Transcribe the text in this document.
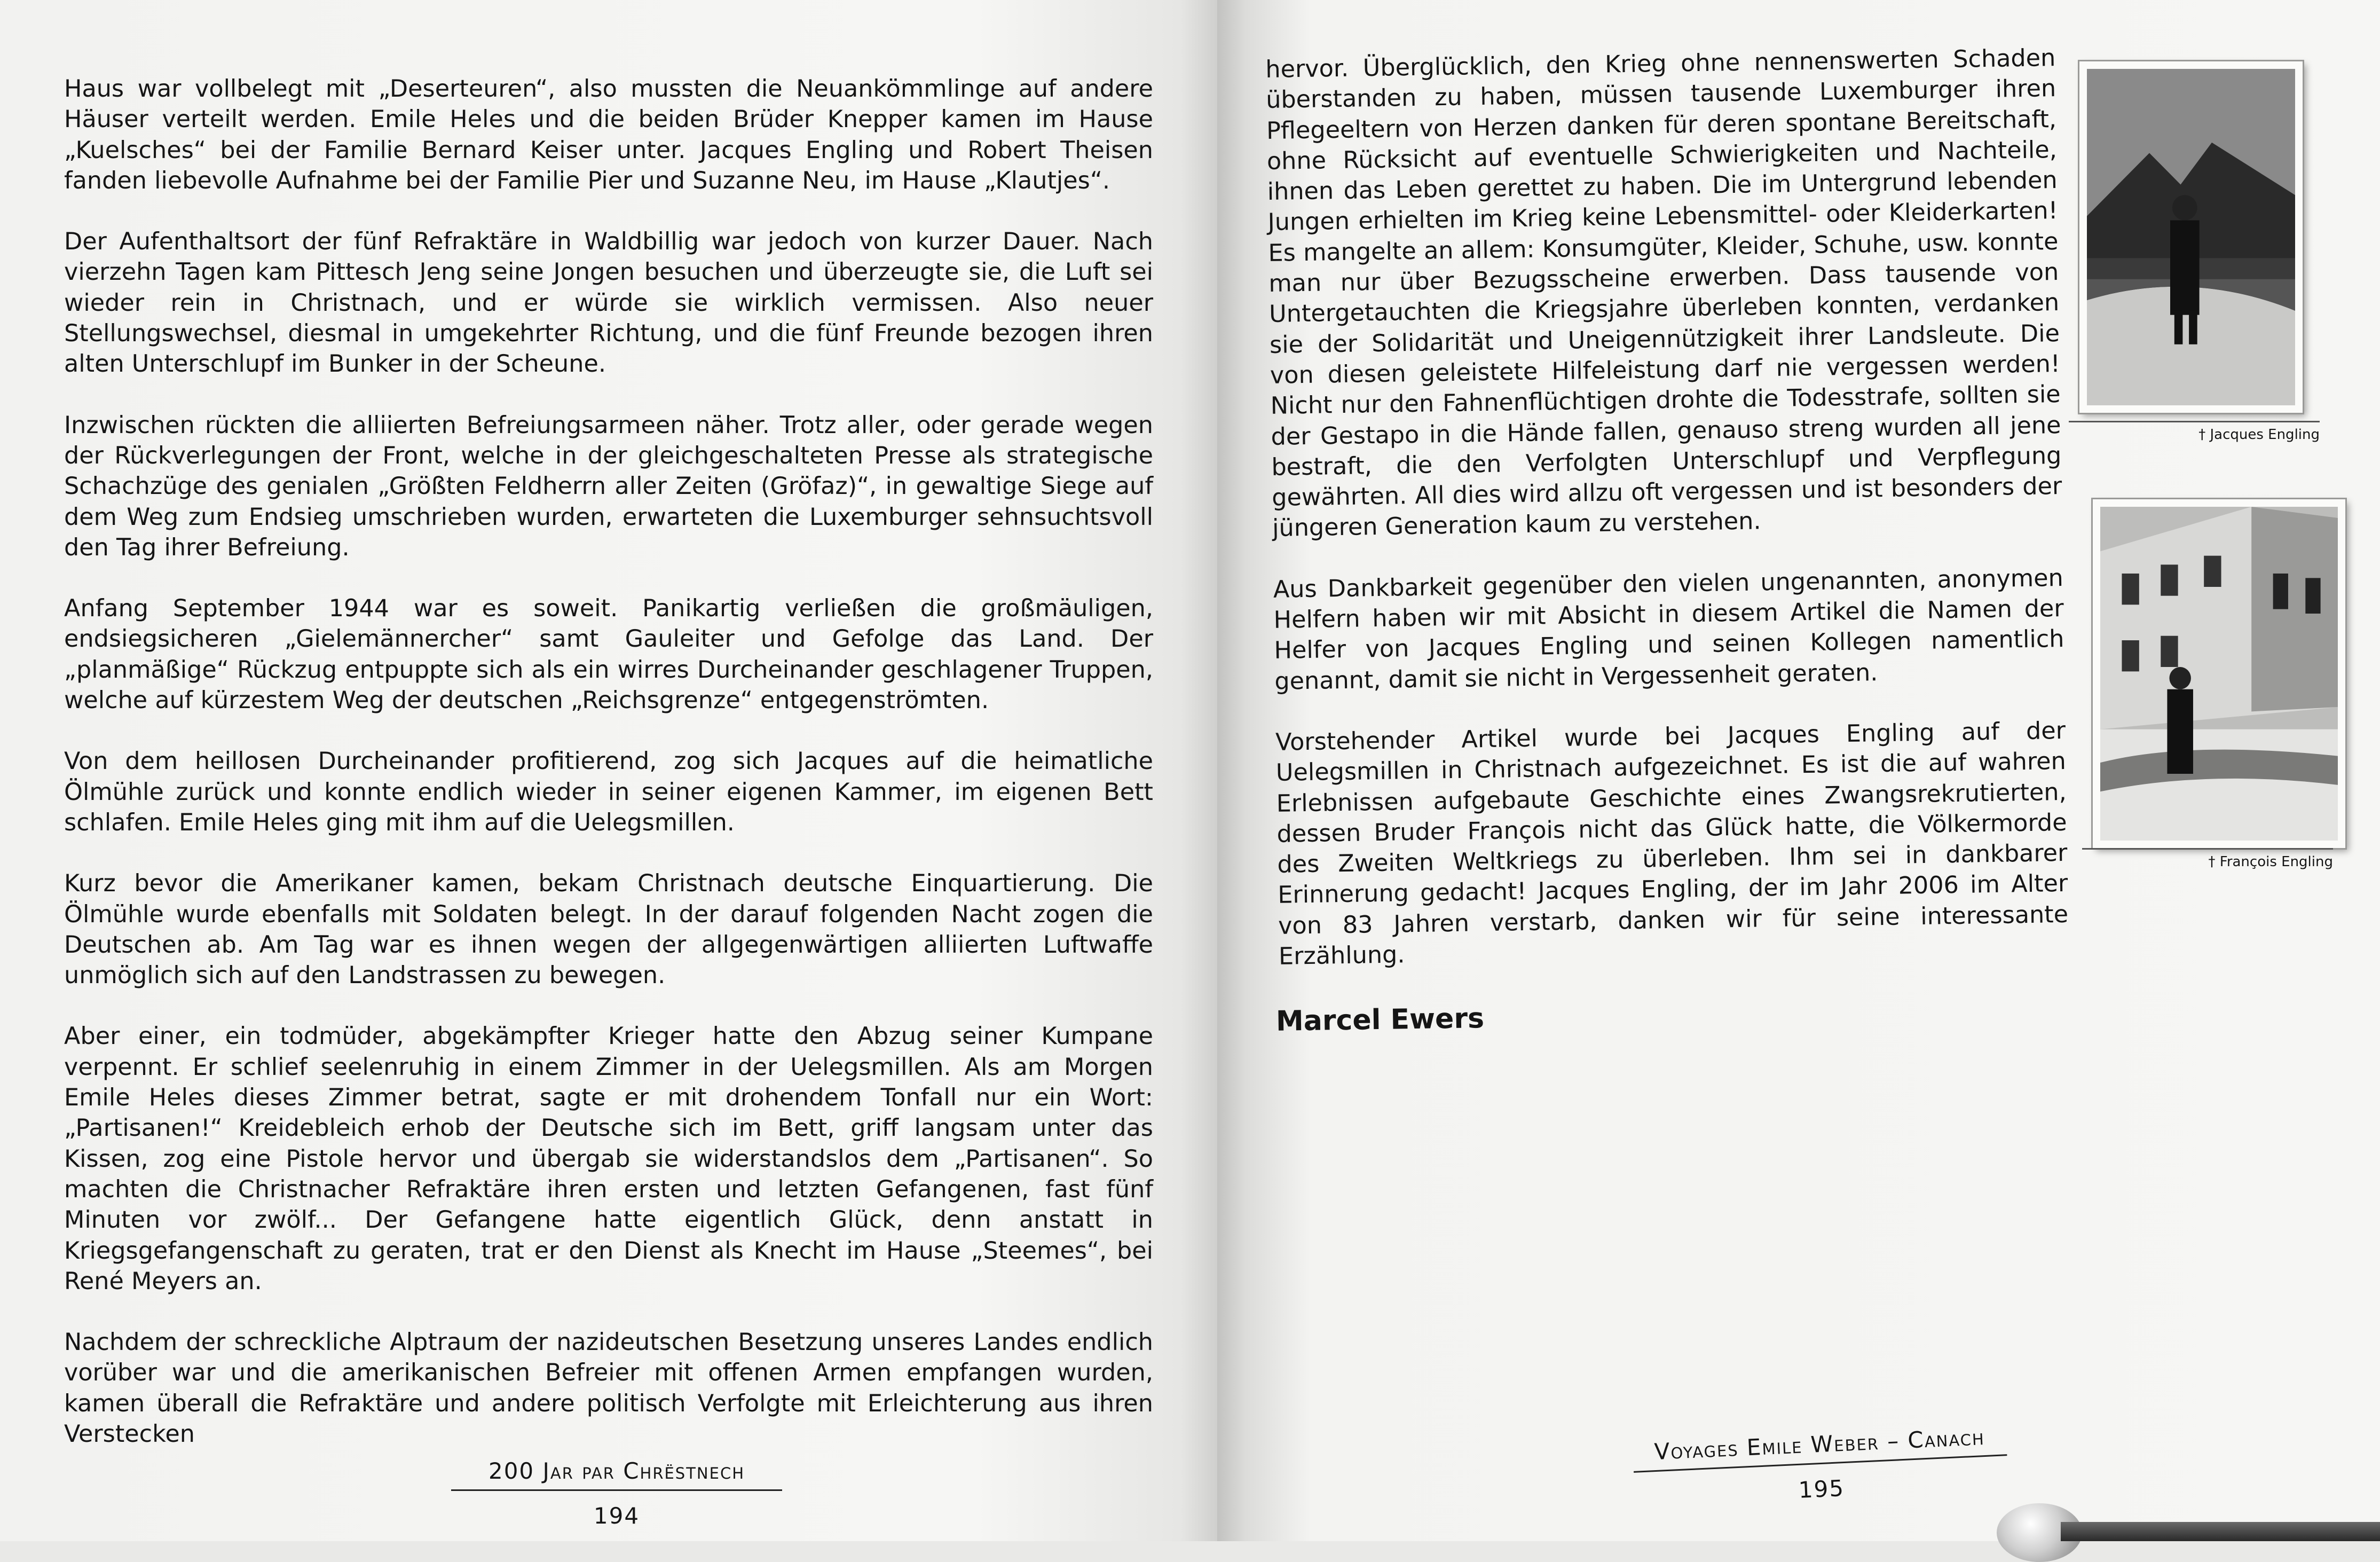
Haus war vollbelegt mit „Deserteuren“, also mussten die Neuankömmlinge auf andere Häuser verteilt werden. Emile Heles und die beiden Brüder Knepper kamen im Hause „Kuelsches“ bei der Familie Bernard Keiser unter. Jacques Engling und Robert Theisen fanden liebevolle Aufnahme bei der Familie Pier und Suzanne Neu, im Hause „Klautjes“.

Der Aufenthaltsort der fünf Refraktäre in Waldbillig war jedoch von kurzer Dauer. Nach vierzehn Tagen kam Pittesch Jeng seine Jongen besuchen und überzeugte sie, die Luft sei wieder rein in Christnach, und er würde sie wirklich vermissen. Also neuer Stellungswechsel, diesmal in umgekehrter Richtung, und die fünf Freunde bezogen ihren alten Unterschlupf im Bunker in der Scheune.

Inzwischen rückten die alliierten Befreiungsarmeen näher. Trotz aller, oder gerade wegen der Rückverlegungen der Front, welche in der gleichgeschalteten Presse als strategische Schachzüge des genialen „Größten Feldherrn aller Zeiten (Gröfaz)“, in gewaltige Siege auf dem Weg zum Endsieg umschrieben wurden, erwarteten die Luxemburger sehnsuchtsvoll den Tag ihrer Befreiung.

Anfang September 1944 war es soweit. Panikartig verließen die großmäuligen, endsiegsicheren „Gielemännercher“ samt Gauleiter und Gefolge das Land. Der „planmäßige“ Rückzug entpuppte sich als ein wirres Durcheinander geschlagener Truppen, welche auf kürzestem Weg der deutschen „Reichsgrenze“ entgegenströmten.

Von dem heillosen Durcheinander profitierend, zog sich Jacques auf die heimatliche Ölmühle zurück und konnte endlich wieder in seiner eigenen Kammer, im eigenen Bett schlafen. Emile Heles ging mit ihm auf die Uelegsmillen.

Kurz bevor die Amerikaner kamen, bekam Christnach deutsche Einquartierung. Die Ölmühle wurde ebenfalls mit Soldaten belegt. In der darauf folgenden Nacht zogen die Deutschen ab. Am Tag war es ihnen wegen der allgegenwärtigen alliierten Luftwaffe unmöglich sich auf den Landstrassen zu bewegen.

Aber einer, ein todmüder, abgekämpfter Krieger hatte den Abzug seiner Kumpane verpennt. Er schlief seelenruhig in einem Zimmer in der Uelegsmillen. Als am Morgen Emile Heles dieses Zimmer betrat, sagte er mit drohendem Tonfall nur ein Wort: „Partisanen!“ Kreidebleich erhob der Deutsche sich im Bett, griff langsam unter das Kissen, zog eine Pistole hervor und übergab sie widerstandslos dem „Partisanen“. So machten die Christnacher Refraktäre ihren ersten und letzten Gefangenen, fast fünf Minuten vor zwölf... Der Gefangene hatte eigentlich Glück, denn anstatt in Kriegsgefangenschaft zu geraten, trat er den Dienst als Knecht im Hause „Steemes“, bei René Meyers an.

Nachdem der schreckliche Alptraum der nazideutschen Besetzung unseres Landes endlich vorüber war und die amerikanischen Befreier mit offenen Armen empfangen wurden, kamen überall die Refraktäre und andere politisch Verfolgte mit Erleichterung aus ihren Verstecken

200 Jar par Chrëstnech
194

hervor. Überglücklich, den Krieg ohne nennenswerten Schaden überstanden zu haben, müssen tausende Luxemburger ihren Pflegeeltern von Herzen danken für deren spontane Bereitschaft, ohne Rücksicht auf eventuelle Schwierigkeiten und Nachteile, ihnen das Leben gerettet zu haben. Die im Untergrund lebenden Jungen erhielten im Krieg keine Lebensmittel- oder Kleiderkarten! Es mangelte an allem: Konsumgüter, Kleider, Schuhe, usw. konnte man nur über Bezugsscheine erwerben. Dass tausende von Untergetauchten die Kriegsjahre überleben konnten, verdanken sie der Solidarität und Uneigennützigkeit ihrer Landsleute. Die von diesen geleistete Hilfeleistung darf nie vergessen werden! Nicht nur den Fahnenflüchtigen drohte die Todesstrafe, sollten sie der Gestapo in die Hände fallen, genauso streng wurden all jene bestraft, die den Verfolgten Unterschlupf und Verpflegung gewährten. All dies wird allzu oft vergessen und ist besonders der jüngeren Generation kaum zu verstehen.

Aus Dankbarkeit gegenüber den vielen ungenannten, anonymen Helfern haben wir mit Absicht in diesem Artikel die Namen der Helfer von Jacques Engling und seinen Kollegen namentlich genannt, damit sie nicht in Vergessenheit geraten.

Vorstehender Artikel wurde bei Jacques Engling auf der Uelegsmillen in Christnach aufgezeichnet. Es ist die auf wahren Erlebnissen aufgebaute Geschichte eines Zwangsrekrutierten, dessen Bruder François nicht das Glück hatte, die Völkermorde des Zweiten Weltkriegs zu überleben. Ihm sei in dankbarer Erinnerung gedacht! Jacques Engling, der im Jahr 2006 im Alter von 83 Jahren verstarb, danken wir für seine interessante Erzählung.

Marcel Ewers
† Jacques Engling
† François Engling
Voyages Emile Weber – Canach
195
